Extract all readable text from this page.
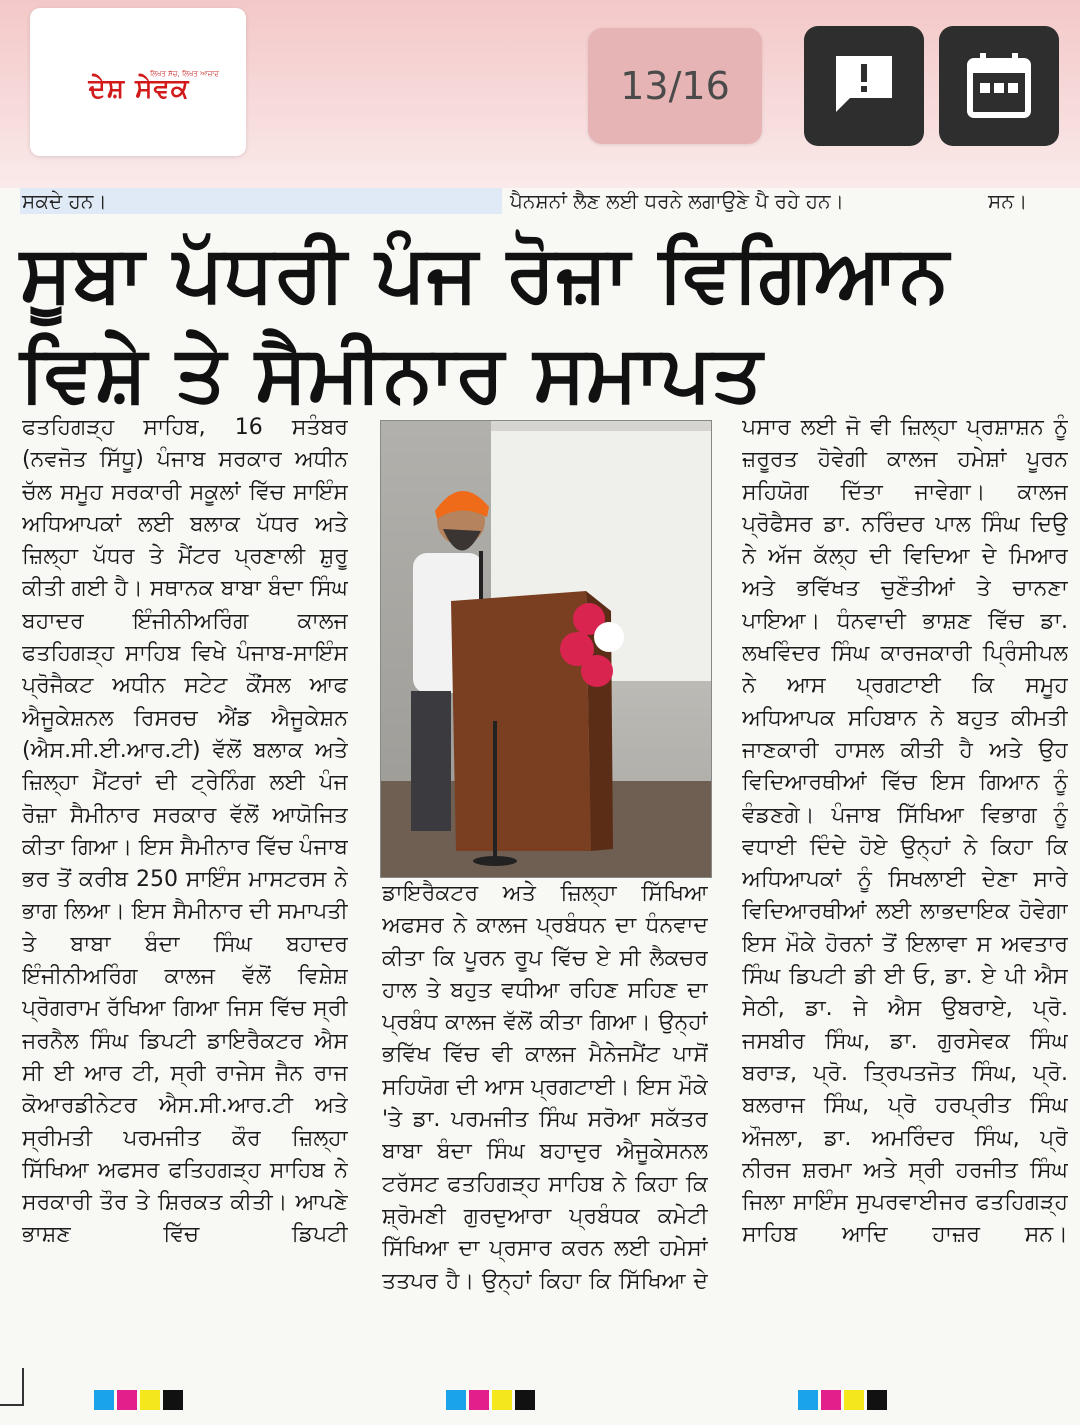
ਲਿਖਤ ਸੱਚ, ਲਿਖਤ ਆਜ਼ਾਦ
ਦੇਸ਼ ਸੇਵਕ	13/16
ਸਕਦੇ ਹਨ।	ਪੈਨਸ਼ਨਾਂ ਲੈਣ ਲਈ ਧਰਨੇ ਲਗਾਉਣੇ ਪੈ ਰਹੇ ਹਨ।	ਸਨ।
ਸੂਬਾ ਪੱਧਰੀ ਪੰਜ ਰੋਜ਼ਾ ਵਿਗਿਆਨ
ਵਿਸ਼ੇ ਤੇ ਸੈਮੀਨਾਰ ਸਮਾਪਤ

ਫਤਹਿਗੜ੍ਹ ਸਾਹਿਬ, 16 ਸਤੰਬਰ (ਨਵਜੋਤ ਸਿੱਧੂ) ਪੰਜਾਬ ਸਰਕਾਰ ਅਧੀਨ ਚੱਲ ਸਮੂਹ ਸਰਕਾਰੀ ਸਕੂਲਾਂ ਵਿੱਚ ਸਾਇੰਸ ਅਧਿਆਪਕਾਂ ਲਈ ਬਲਾਕ ਪੱਧਰ ਅਤੇ ਜ਼ਿਲ੍ਹਾ ਪੱਧਰ ਤੇ ਮੈਂਟਰ ਪ੍ਰਣਾਲੀ ਸ਼ੁਰੂ ਕੀਤੀ ਗਈ ਹੈ। ਸਥਾਨਕ ਬਾਬਾ ਬੰਦਾ ਸਿੰਘ ਬਹਾਦਰ ਇੰਜੀਨੀਅਰਿੰਗ ਕਾਲਜ ਫਤਹਿਗੜ੍ਹ ਸਾਹਿਬ ਵਿਖੇ ਪੰਜਾਬ-ਸਾਇੰਸ ਪ੍ਰੋਜੈਕਟ ਅਧੀਨ ਸਟੇਟ ਕੌਂਸਲ ਆਫ ਐਜੂਕੇਸ਼ਨਲ ਰਿਸਰਚ ਐਂਡ ਐਜੂਕੇਸ਼ਨ (ਐਸ.ਸੀ.ਈ.ਆਰ.ਟੀ) ਵੱਲੋਂ ਬਲਾਕ ਅਤੇ ਜ਼ਿਲ੍ਹਾ ਮੈਂਟਰਾਂ ਦੀ ਟ੍ਰੇਨਿੰਗ ਲਈ ਪੰਜ ਰੋਜ਼ਾ ਸੈਮੀਨਾਰ ਸਰਕਾਰ ਵੱਲੋਂ ਆਯੋਜਿਤ ਕੀਤਾ ਗਿਆ। ਇਸ ਸੈਮੀਨਾਰ ਵਿੱਚ ਪੰਜਾਬ ਭਰ ਤੋਂ ਕਰੀਬ 250 ਸਾਇੰਸ ਮਾਸਟਰਸ ਨੇ ਭਾਗ ਲਿਆ। ਇਸ ਸੈਮੀਨਾਰ ਦੀ ਸਮਾਪਤੀ ਤੇ ਬਾਬਾ ਬੰਦਾ ਸਿੰਘ ਬਹਾਦਰ ਇੰਜੀਨੀਅਰਿੰਗ ਕਾਲਜ ਵੱਲੋਂ ਵਿਸ਼ੇਸ਼ ਪ੍ਰੋਗਰਾਮ ਰੱਖਿਆ ਗਿਆ ਜਿਸ ਵਿੱਚ ਸ੍ਰੀ ਜਰਨੈਲ ਸਿੰਘ ਡਿਪਟੀ ਡਾਇਰੈਕਟਰ ਐਸ ਸੀ ਈ ਆਰ ਟੀ, ਸ੍ਰੀ ਰਾਜੇਸ ਜੈਨ ਰਾਜ ਕੋਆਰਡੀਨੇਟਰ ਐਸ.ਸੀ.ਆਰ.ਟੀ ਅਤੇ ਸ੍ਰੀਮਤੀ ਪਰਮਜੀਤ ਕੌਰ ਜ਼ਿਲ੍ਹਾ ਸਿੱਖਿਆ ਅਫਸਰ ਫਤਿਹਗੜ੍ਹ ਸਾਹਿਬ ਨੇ ਸਰਕਾਰੀ ਤੌਰ ਤੇ ਸ਼ਿਰਕਤ ਕੀਤੀ। ਆਪਣੇ ਭਾਸ਼ਣ ਵਿੱਚ ਡਿਪਟੀ

ਡਾਇਰੈਕਟਰ ਅਤੇ ਜ਼ਿਲ੍ਹਾ ਸਿੱਖਿਆ ਅਫਸਰ ਨੇ ਕਾਲਜ ਪ੍ਰਬੰਧਨ ਦਾ ਧੰਨਵਾਦ ਕੀਤਾ ਕਿ ਪੂਰਨ ਰੂਪ ਵਿੱਚ ਏ ਸੀ ਲੈਕਚਰ ਹਾਲ ਤੇ ਬਹੁਤ ਵਧੀਆ ਰਹਿਣ ਸਹਿਣ ਦਾ ਪ੍ਰਬੰਧ ਕਾਲਜ ਵੱਲੋਂ ਕੀਤਾ ਗਿਆ। ਉਨ੍ਹਾਂ ਭਵਿੱਖ ਵਿੱਚ ਵੀ ਕਾਲਜ ਮੈਨੇਜਮੈਂਟ ਪਾਸੋਂ ਸਹਿਯੋਗ ਦੀ ਆਸ ਪ੍ਰਗਟਾਈ। ਇਸ ਮੌਕੇ 'ਤੇ ਡਾ. ਪਰਮਜੀਤ ਸਿੰਘ ਸਰੋਆ ਸਕੱਤਰ ਬਾਬਾ ਬੰਦਾ ਸਿੰਘ ਬਹਾਦੁਰ ਐਜੂਕੇਸਨਲ ਟਰੱਸਟ ਫਤਹਿਗੜ੍ਹ ਸਾਹਿਬ ਨੇ ਕਿਹਾ ਕਿ ਸ਼੍ਰੋਮਣੀ ਗੁਰਦੁਆਰਾ ਪ੍ਰਬੰਧਕ ਕਮੇਟੀ ਸਿੱਖਿਆ ਦਾ ਪ੍ਰਸਾਰ ਕਰਨ ਲਈ ਹਮੇਸਾਂ ਤਤਪਰ ਹੈ। ਉਨ੍ਹਾਂ ਕਿਹਾ ਕਿ ਸਿੱਖਿਆ ਦੇ

ਪਸਾਰ ਲਈ ਜੋ ਵੀ ਜ਼ਿਲ੍ਹਾ ਪ੍ਰਸ਼ਾਸ਼ਨ ਨੂੰ ਜ਼ਰੂਰਤ ਹੋਵੇਗੀ ਕਾਲਜ ਹਮੇਸ਼ਾਂ ਪੂਰਨ ਸਹਿਯੋਗ ਦਿੱਤਾ ਜਾਵੇਗਾ। ਕਾਲਜ ਪ੍ਰੋਫੈਸਰ ਡਾ. ਨਰਿੰਦਰ ਪਾਲ ਸਿੰਘ ਦਿਉ ਨੇ ਅੱਜ ਕੱਲ੍ਹ ਦੀ ਵਿਦਿਆ ਦੇ ਮਿਆਰ ਅਤੇ ਭਵਿੱਖਤ ਚੁਣੌਤੀਆਂ ਤੇ ਚਾਨਣਾ ਪਾਇਆ। ਧੰਨਵਾਦੀ ਭਾਸ਼ਣ ਵਿੱਚ ਡਾ. ਲਖਵਿੰਦਰ ਸਿੰਘ ਕਾਰਜਕਾਰੀ ਪ੍ਰਿੰਸੀਪਲ ਨੇ ਆਸ ਪ੍ਰਗਟਾਈ ਕਿ ਸਮੂਹ ਅਧਿਆਪਕ ਸਹਿਬਾਨ ਨੇ ਬਹੁਤ ਕੀਮਤੀ ਜਾਣਕਾਰੀ ਹਾਸਲ ਕੀਤੀ ਹੈ ਅਤੇ ਉਹ ਵਿਦਿਆਰਥੀਆਂ ਵਿੱਚ ਇਸ ਗਿਆਨ ਨੂੰ ਵੰਡਣਗੇ। ਪੰਜਾਬ ਸਿੱਖਿਆ ਵਿਭਾਗ ਨੂੰ ਵਧਾਈ ਦਿੰਦੇ ਹੋਏ ਉਨ੍ਹਾਂ ਨੇ ਕਿਹਾ ਕਿ ਅਧਿਆਪਕਾਂ ਨੂੰ ਸਿਖਲਾਈ ਦੇਣਾ ਸਾਰੇ ਵਿਦਿਆਰਥੀਆਂ ਲਈ ਲਾਭਦਾਇਕ ਹੋਵੇਗਾ ਇਸ ਮੌਕੇ ਹੋਰਨਾਂ ਤੋਂ ਇਲਾਵਾ ਸ ਅਵਤਾਰ ਸਿੰਘ ਡਿਪਟੀ ਡੀ ਈ ਓ, ਡਾ. ਏ ਪੀ ਐਸ ਸੇਠੀ, ਡਾ. ਜੇ ਐਸ ਉਬਰਾਏ, ਪ੍ਰੋ. ਜਸਬੀਰ ਸਿੰਘ, ਡਾ. ਗੁਰਸੇਵਕ ਸਿੰਘ ਬਰਾੜ, ਪ੍ਰੋ. ਤ੍ਰਿਪਤਜੋਤ ਸਿੰਘ, ਪ੍ਰੋ. ਬਲਰਾਜ ਸਿੰਘ, ਪ੍ਰੋ ਹਰਪ੍ਰੀਤ ਸਿੰਘ ਔਜਲਾ, ਡਾ. ਅਮਰਿੰਦਰ ਸਿੰਘ, ਪ੍ਰੋ ਨੀਰਜ ਸ਼ਰਮਾ ਅਤੇ ਸ੍ਰੀ ਹਰਜੀਤ ਸਿੰਘ ਜਿਲਾ ਸਾਇੰਸ ਸੁਪਰਵਾਈਜਰ ਫਤਹਿਗੜ੍ਹ ਸਾਹਿਬ ਆਦਿ ਹਾਜ਼ਰ ਸਨ।
